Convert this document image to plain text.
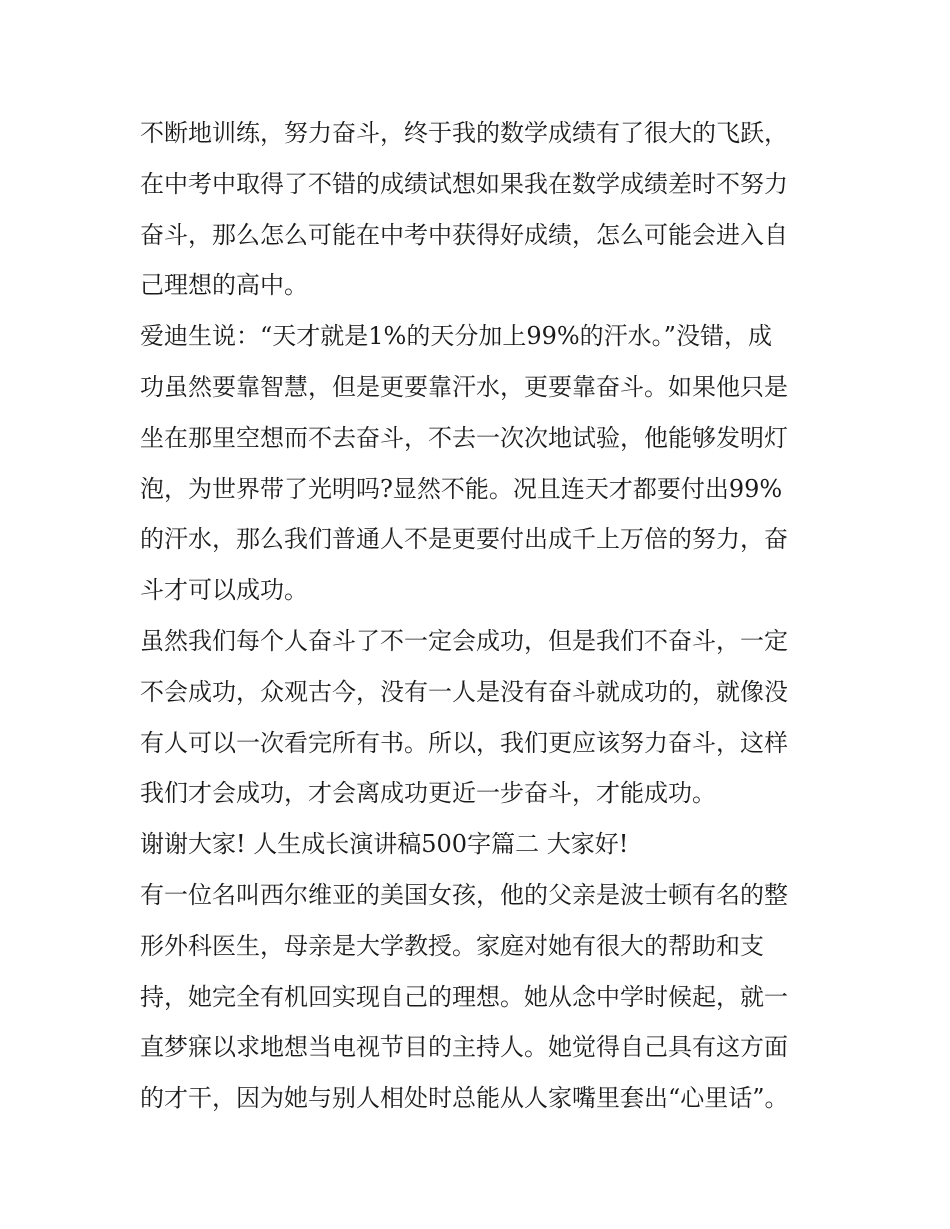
不断地训练，努力奋斗，终于我的数学成绩有了很大的飞跃，
在中考中取得了不错的成绩试想如果我在数学成绩差时不努力
奋斗，那么怎么可能在中考中获得好成绩，怎么可能会进入自
己理想的高中。
爱迪生说：“天才就是1%的天分加上99%的汗水。”没错，成
功虽然要靠智慧，但是更要靠汗水，更要靠奋斗。如果他只是
坐在那里空想而不去奋斗，不去一次次地试验，他能够发明灯
泡，为世界带了光明吗?显然不能。况且连天才都要付出99%
的汗水，那么我们普通人不是更要付出成千上万倍的努力，奋
斗才可以成功。
虽然我们每个人奋斗了不一定会成功，但是我们不奋斗，一定
不会成功，众观古今，没有一人是没有奋斗就成功的，就像没
有人可以一次看完所有书。所以，我们更应该努力奋斗，这样
我们才会成功，才会离成功更近一步奋斗，才能成功。
谢谢大家! 人生成长演讲稿500字篇二 大家好!
有一位名叫西尔维亚的美国女孩，他的父亲是波士顿有名的整
形外科医生，母亲是大学教授。家庭对她有很大的帮助和支
持，她完全有机回实现自己的理想。她从念中学时候起，就一
直梦寐以求地想当电视节目的主持人。她觉得自己具有这方面
的才干，因为她与别人相处时总能从人家嘴里套出“心里话”。
